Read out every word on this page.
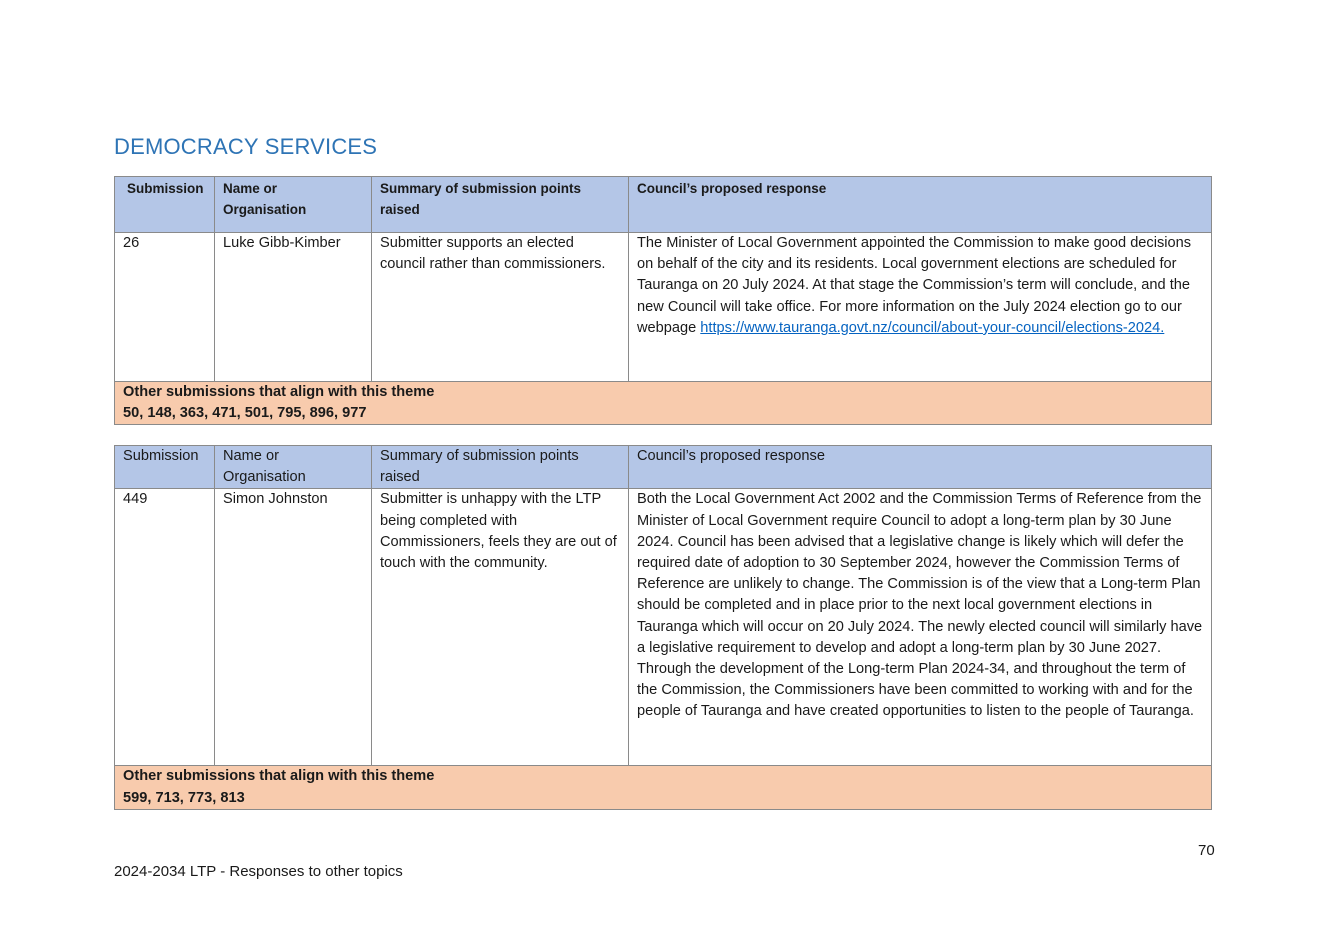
DEMOCRACY SERVICES
Submission	Name or Organisation	Summary of submission points raised	Council’s proposed response
26	Luke Gibb-Kimber	Submitter supports an elected council rather than commissioners.	The Minister of Local Government appointed the Commission to make good decisions on behalf of the city and its residents. Local government elections are scheduled for Tauranga on 20 July 2024. At that stage the Commission’s term will conclude, and the new Council will take office. For more information on the July 2024 election go to our
webpage https://www.tauranga.govt.nz/council/about-your-council/elections-2024.

Other submissions that align with this theme
50, 148, 363, 471, 501, 795, 896, 977			
Submission	Name or Organisation	Summary of submission points raised	Council’s proposed response
449	Simon Johnston	Submitter is unhappy with the LTP being completed with Commissioners, feels they are out of touch with the community.	Both the Local Government Act 2002 and the Commission Terms of Reference from the Minister of Local Government require Council to adopt a long-term plan by 30 June 2024. Council has been advised that a legislative change is likely which will defer the required date of adoption to 30 September 2024, however the Commission Terms of Reference are unlikely to change. The Commission is of the view that a Long-term Plan should be completed and in place prior to the next local government elections in Tauranga which will occur on 20 July 2024. The newly elected council will similarly have a legislative requirement to develop and adopt a long-term plan by 30 June 2027.
Through the development of the Long-term Plan 2024-34, and throughout the term of the Commission, the Commissioners have been committed to working with and for the people of Tauranga and have created opportunities to listen to the people of Tauranga.

Other submissions that align with this theme
599, 713, 773, 813			
70
2024-2034 LTP - Responses to other topics
